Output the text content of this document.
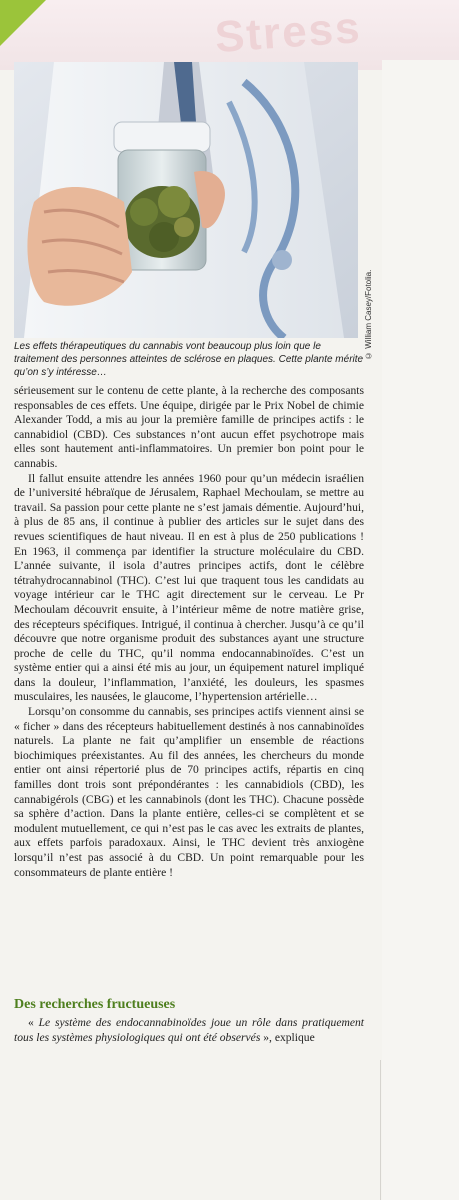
Stress
© William Casey/Fotolia.
Les effets thérapeutiques du cannabis vont beaucoup plus loin que le traitement des personnes atteintes de sclérose en plaques. Cette plante mérite qu’on s’y intéresse…

sérieusement sur le contenu de cette plante, à la recherche des composants responsables de ces effets. Une équipe, dirigée par le Prix Nobel de chimie Alexander Todd, a mis au jour la première famille de principes actifs : le cannabidiol (CBD). Ces substances n’ont aucun effet psychotrope mais elles sont hautement anti-inflammatoires. Un premier bon point pour le cannabis.

Il fallut ensuite attendre les années 1960 pour qu’un médecin israélien de l’université hébraïque de Jérusalem, Raphael Mechoulam, se mettre au travail. Sa passion pour cette plante ne s’est jamais démentie. Aujourd’hui, à plus de 85 ans, il continue à publier des articles sur le sujet dans des revues scientifiques de haut niveau. Il en est à plus de 250 publications ! En 1963, il commença par identifier la structure moléculaire du CBD. L’année suivante, il isola d’autres principes actifs, dont le célèbre tétrahydrocannabinol (THC). C’est lui que traquent tous les candidats au voyage intérieur car le THC agit directement sur le cerveau. Le Pr Mechoulam découvrit ensuite, à l’intérieur même de notre matière grise, des récepteurs spécifiques. Intrigué, il continua à chercher. Jusqu’à ce qu’il découvre que notre organisme produit des substances ayant une structure proche de celle du THC, qu’il nomma endocannabinoïdes. C’est un système entier qui a ainsi été mis au jour, un équipement naturel impliqué dans la douleur, l’inflammation, l’anxiété, les douleurs, les spasmes musculaires, les nausées, le glaucome, l’hypertension artérielle…

Lorsqu’on consomme du cannabis, ses principes actifs viennent ainsi se « ficher » dans des récepteurs habituellement destinés à nos cannabinoïdes naturels. La plante ne fait qu’amplifier un ensemble de réactions biochimiques préexistantes. Au fil des années, les chercheurs du monde entier ont ainsi répertorié plus de 70 principes actifs, répartis en cinq familles dont trois sont prépondérantes : les cannabidiols (CBD), les cannabigérols (CBG) et les cannabinols (dont les THC). Chacune possède sa sphère d’action. Dans la plante entière, celles-ci se complètent et se modulent mutuellement, ce qui n’est pas le cas avec les extraits de plantes, aux effets parfois paradoxaux. Ainsi, le THC devient très anxiogène lorsqu’il n’est pas associé à du CBD. Un point remarquable pour les consommateurs de plante entière !

Des recherches fructueuses
« Le système des endocannabinoïdes joue un rôle dans pratiquement tous les systèmes physiologiques qui ont été observés », explique
